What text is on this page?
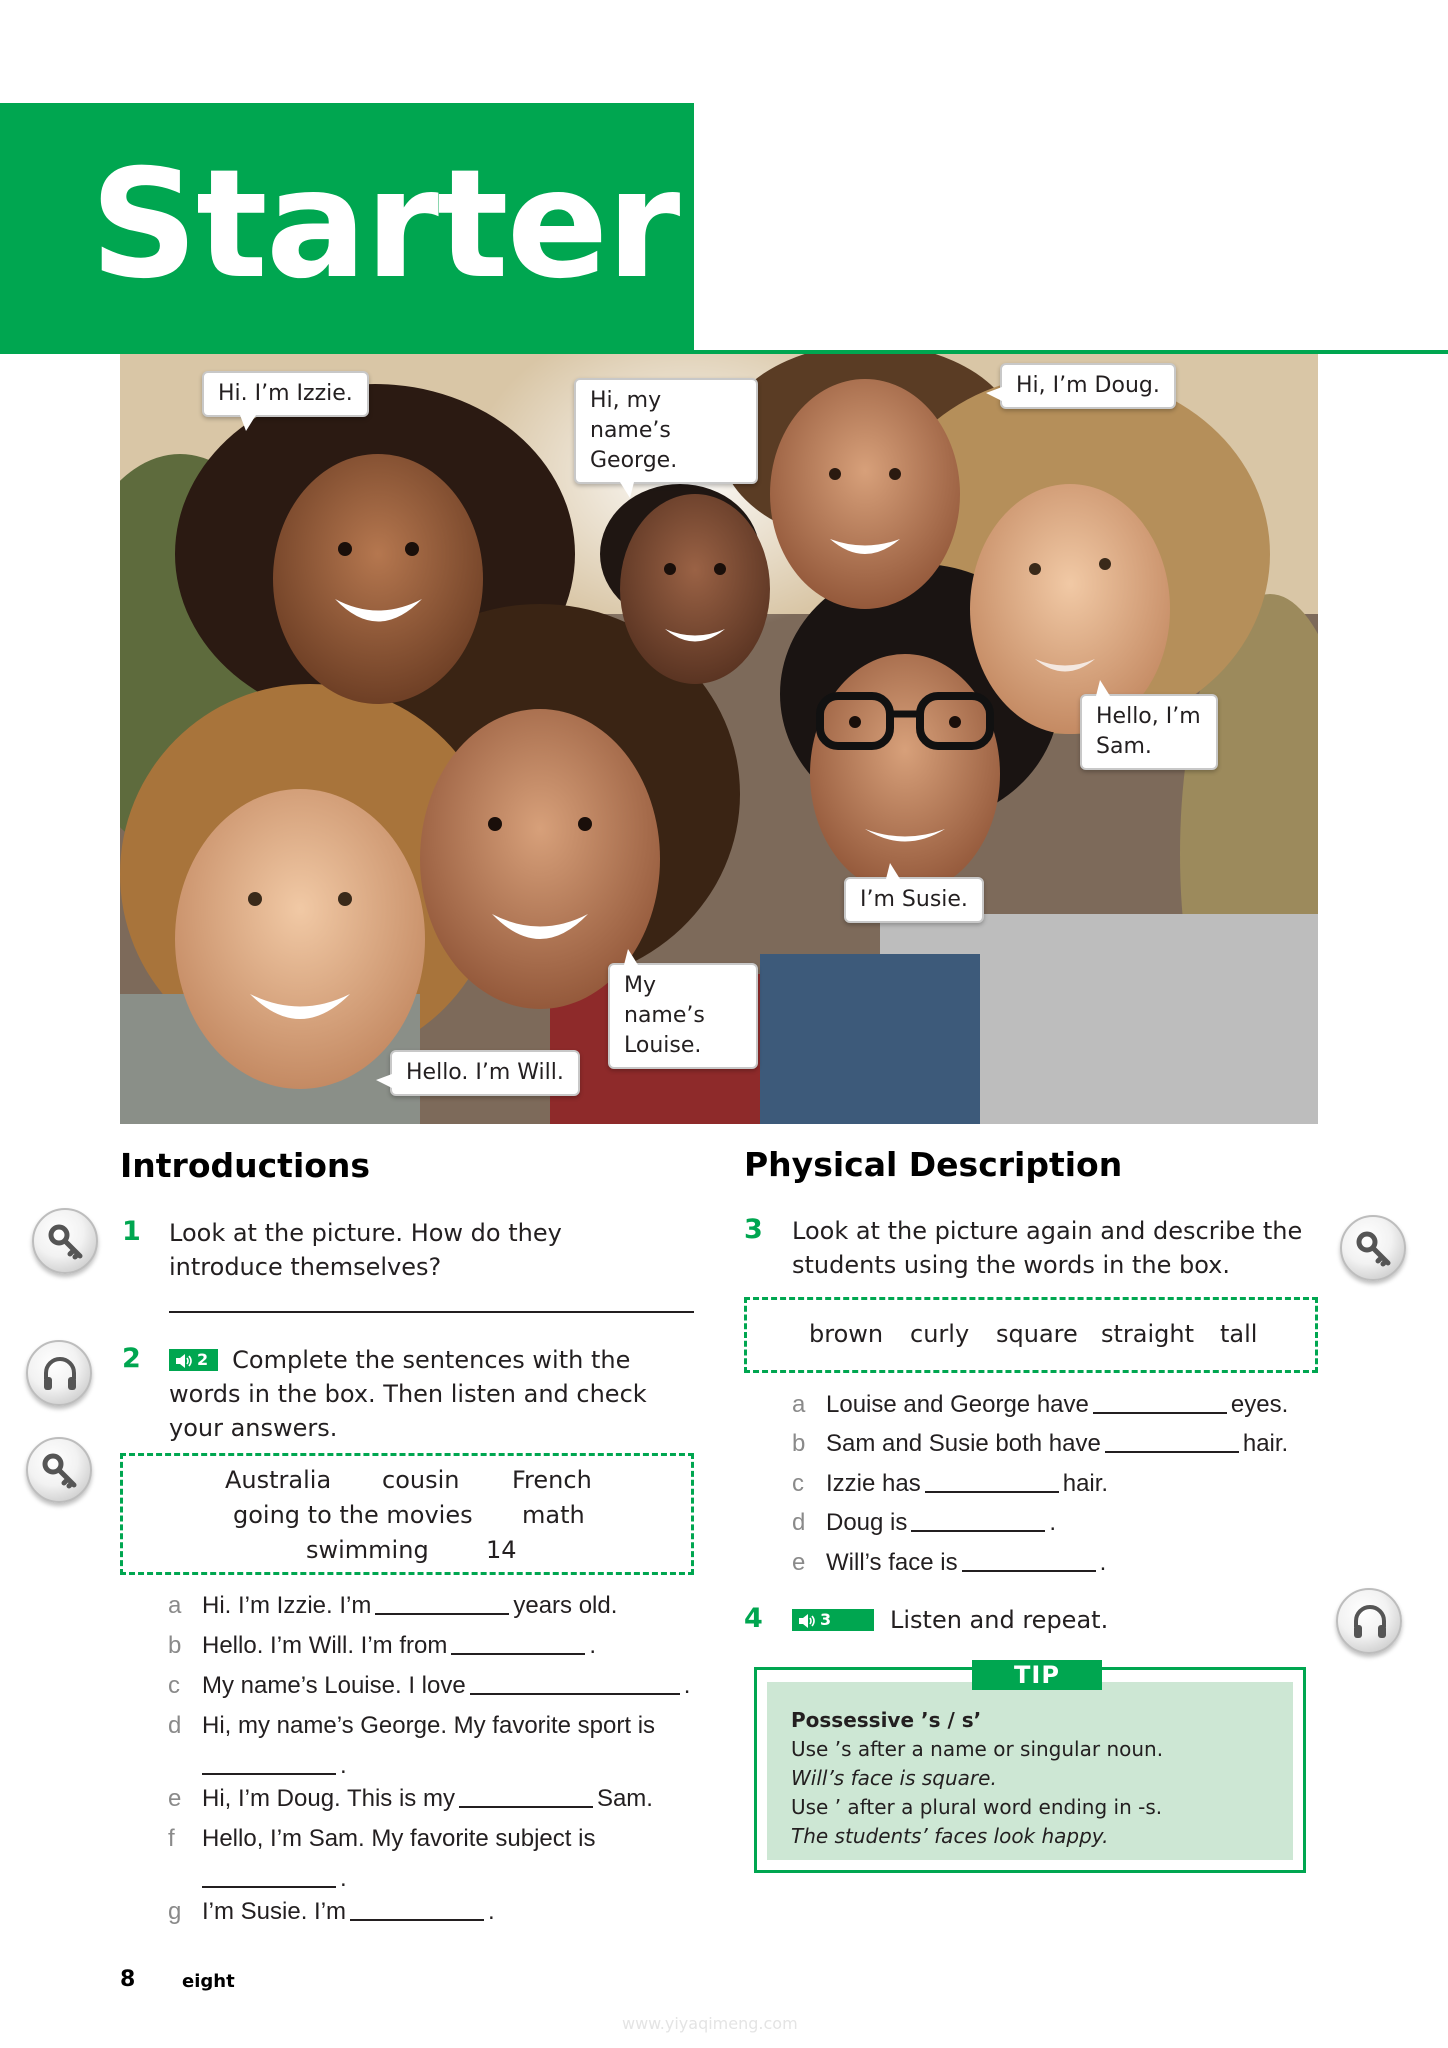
Starter
Hi. I’m Izzie.	Hi, my name’s
George.
Hi, I’m Doug.
Hello, I’m
Sam.
I’m Susie.
My name’s
Louise.
Hello. I’m Will.
Introductions
1 Look at the picture. How do they
introduce themselves?
2	2 Complete the sentences with the
words in the box. Then listen and check
your answers.
Australia cousin French
going to the movies math
swimming 14
a Hi. I’m Izzie. I’m	years old.
b Hello. I’m Will. I’m from	.
c My name’s Louise. I love	.
d Hi, my name’s George. My favorite sport is
.
e Hi, I’m Doug. This is my	Sam.
f Hello, I’m Sam. My favorite subject is
.
g I’m Susie. I’m	.
Physical Description
3 Look at the picture again and describe the
students using the words in the box.
brown curly square straight tall
a Louise and George have	eyes.
b Sam and Susie both have	hair.
c Izzie has	hair.
d Doug is	.
e Will’s face is	.
4	3 Listen and repeat.
TIP
Possessive ’s / s’
Use ’s after a name or singular noun.
Will’s face is square.
Use ’ after a plural word ending in -s.
The students’ faces look happy.
8	eight
www.yiyaqimeng.com
